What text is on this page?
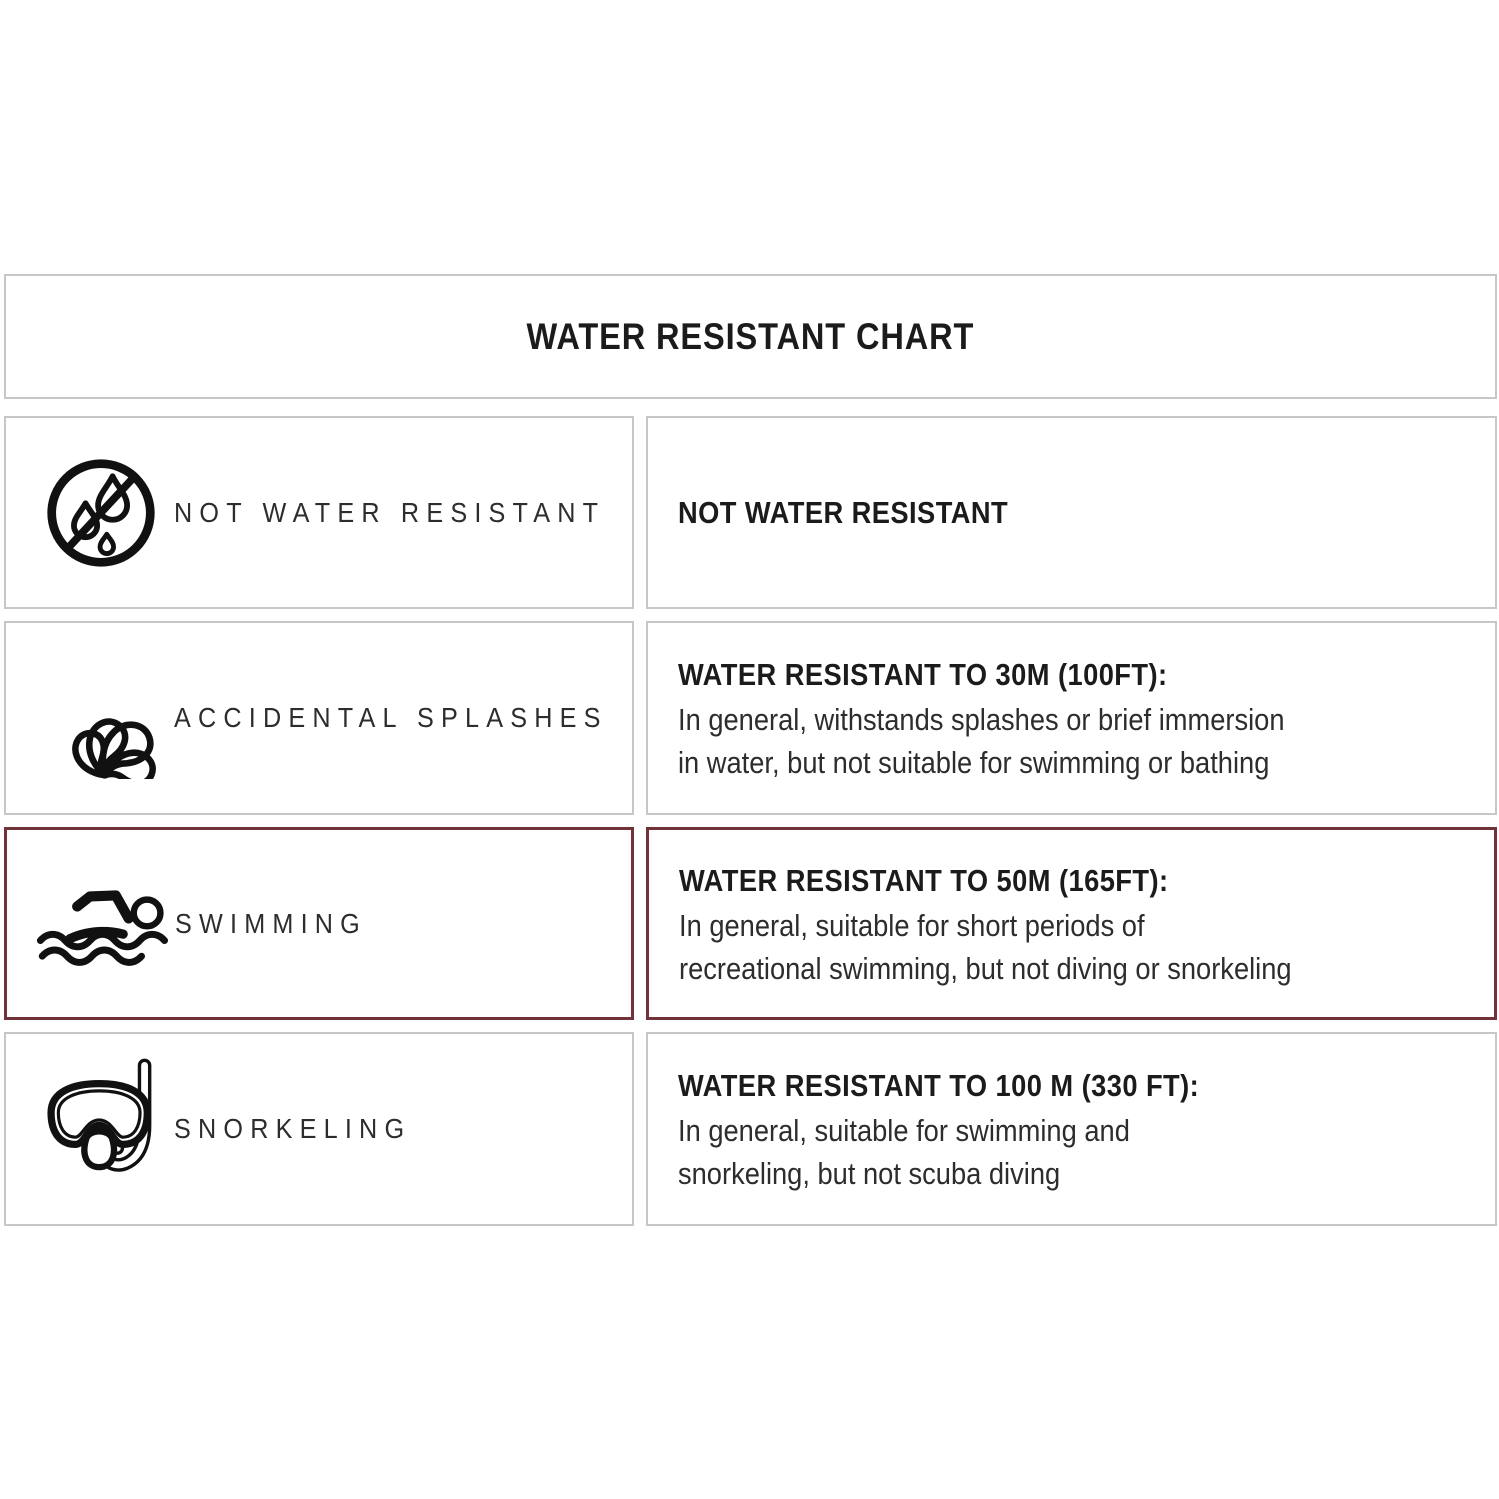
WATER RESISTANT CHART
NOT WATER RESISTANT NOT WATER RESISTANT
ACCIDENTAL SPLASHES
WATER RESISTANT TO 30M (100FT):
In general, withstands splashes or brief immersion
in water, but not suitable for swimming or bathing
SWIMMING
WATER RESISTANT TO 50M (165FT):
In general, suitable for short periods of
recreational swimming, but not diving or snorkeling
SNORKELING
WATER RESISTANT TO 100 M (330 FT):
In general, suitable for swimming and
snorkeling, but not scuba diving
